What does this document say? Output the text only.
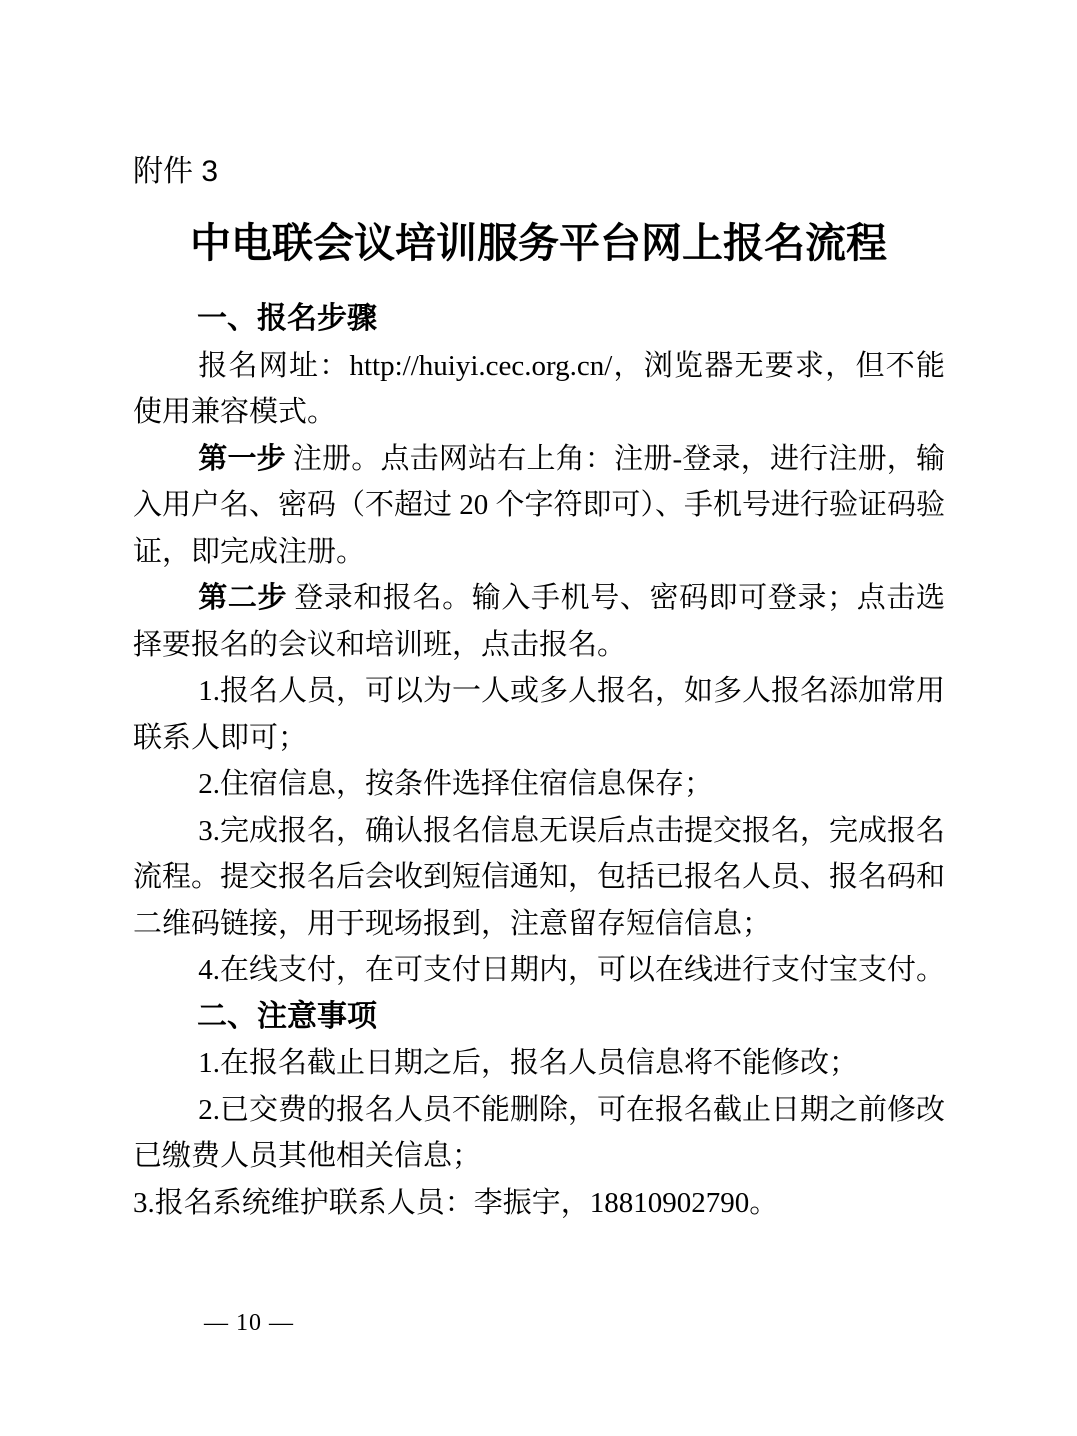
附件 3
中电联会议培训服务平台网上报名流程
一、报名步骤

报名网址：http://huiyi.cec.org.cn/，浏览器无要求，但不能使用兼容模式。

第一步 注册。点击网站右上角：注册-登录，进行注册，输入用户名、密码（不超过 20 个字符即可）、手机号进行验证码验证，即完成注册。

第二步 登录和报名。输入手机号、密码即可登录；点击选择要报名的会议和培训班，点击报名。

1.报名人员，可以为一人或多人报名，如多人报名添加常用联系人即可；

2.住宿信息，按条件选择住宿信息保存；

3.完成报名，确认报名信息无误后点击提交报名，完成报名流程。提交报名后会收到短信通知，包括已报名人员、报名码和二维码链接，用于现场报到，注意留存短信信息；

4.在线支付，在可支付日期内，可以在线进行支付宝支付。

二、注意事项

1.在报名截止日期之后，报名人员信息将不能修改；

2.已交费的报名人员不能删除，可在报名截止日期之前修改已缴费人员其他相关信息；

3.报名系统维护联系人员：李振宇，18810902790。

— 10 —
